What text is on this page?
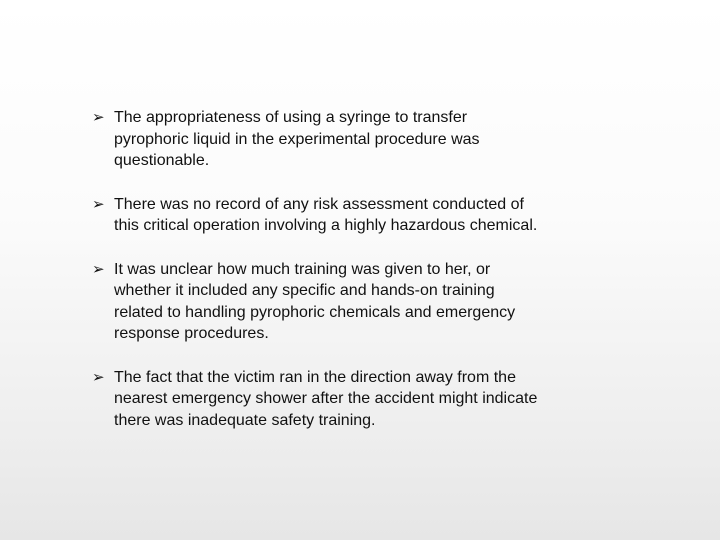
➢ The appropriateness of using a syringe to transfer pyrophoric liquid in the experimental procedure was questionable.
➢ There was no record of any risk assessment conducted of this critical operation involving a highly hazardous chemical.
➢ It was unclear how much training was given to her, or whether it included any specific and hands-on training related to handling pyrophoric chemicals and emergency response procedures.
➢ The fact that the victim ran in the direction away from the nearest emergency shower after the accident might indicate there was inadequate safety training.
